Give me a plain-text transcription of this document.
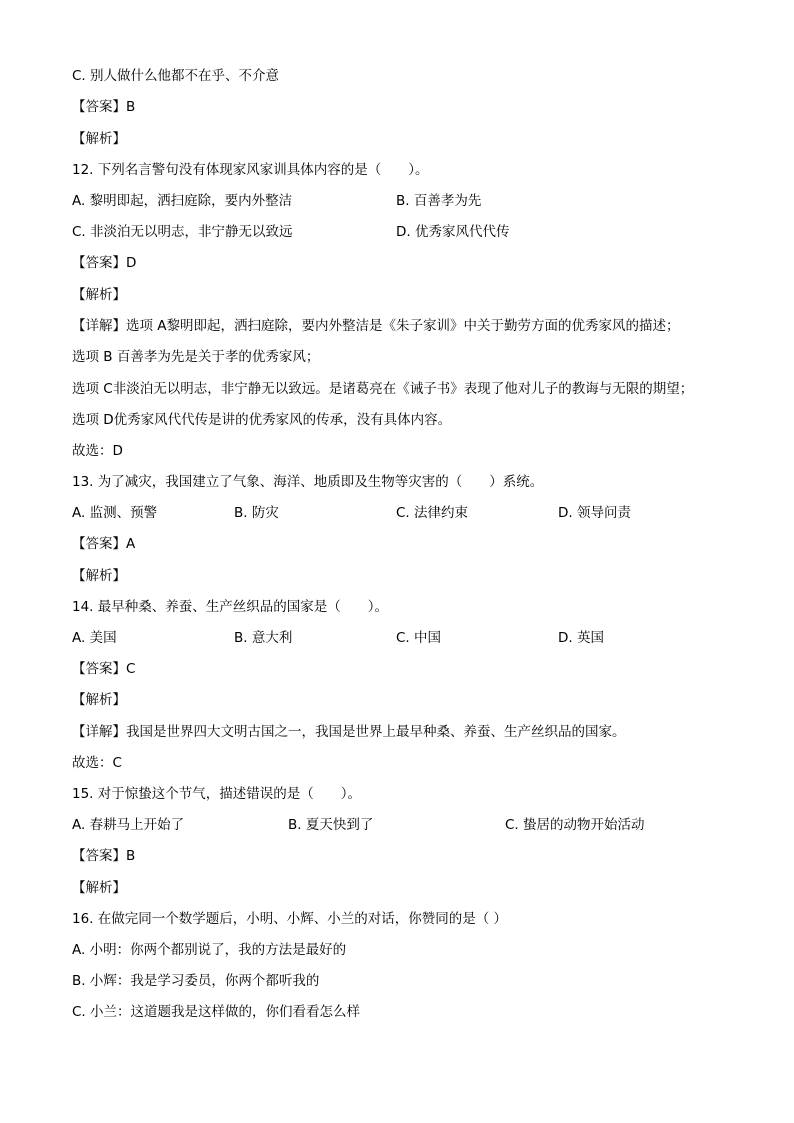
C. 别人做什么他都不在乎、不介意
【答案】B
【解析】
12. 下列名言警句没有体现家风家训具体内容的是（　　）。
A. 黎明即起，洒扫庭除，要内外整洁	B. 百善孝为先
C. 非淡泊无以明志，非宁静无以致远	D. 优秀家风代代传
【答案】D
【解析】
【详解】选项 A黎明即起，洒扫庭除，要内外整洁是《朱子家训》中关于勤劳方面的优秀家风的描述；
选项 B 百善孝为先是关于孝的优秀家风；
选项 C非淡泊无以明志，非宁静无以致远。是诸葛亮在《诫子书》表现了他对儿子的教诲与无限的期望；
选项 D优秀家风代代传是讲的优秀家风的传承，没有具体内容。
故选：D
13. 为了减灾，我国建立了气象、海洋、地质即及生物等灾害的（　　）系统。
A. 监测、预警	B. 防灾	C. 法律约束	D. 领导问责
【答案】A
【解析】
14. 最早种桑、养蚕、生产丝织品的国家是（　　）。
A. 美国	B. 意大利	C. 中国	D. 英国
【答案】C
【解析】
【详解】我国是世界四大文明古国之一，我国是世界上最早种桑、养蚕、生产丝织品的国家。
故选：C
15. 对于惊蛰这个节气，描述错误的是（　　）。
A. 春耕马上开始了	B. 夏天快到了	C. 蛰居的动物开始活动
【答案】B
【解析】
16. 在做完同一个数学题后，小明、小辉、小兰的对话，你赞同的是（ ）
A. 小明：你两个都别说了，我的方法是最好的
B. 小辉：我是学习委员，你两个都听我的
C. 小兰：这道题我是这样做的，你们看看怎么样
